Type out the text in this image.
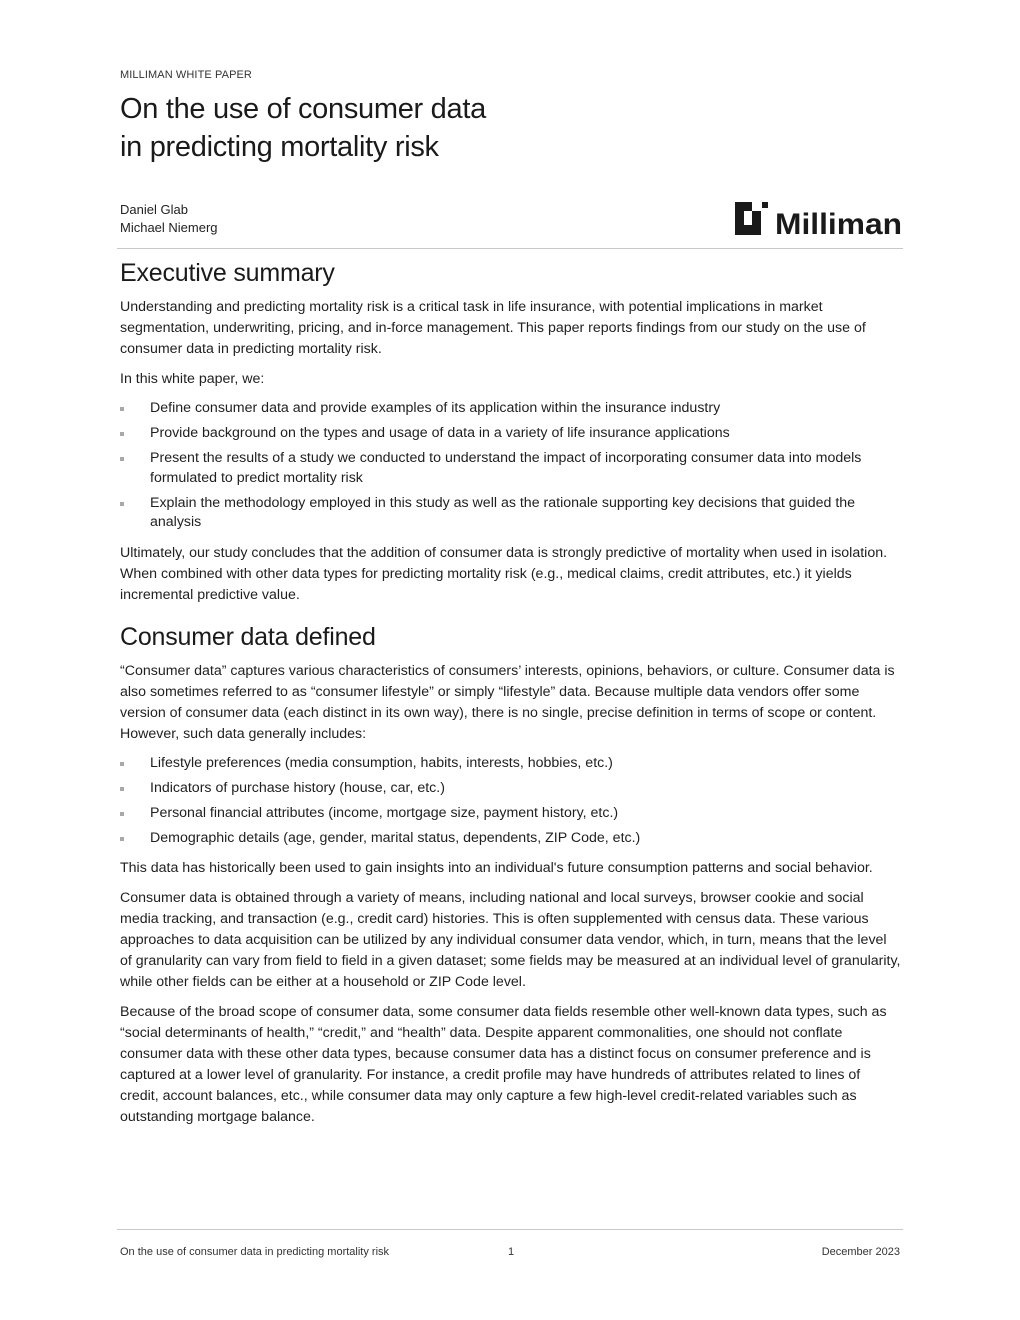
MILLIMAN WHITE PAPER
On the use of consumer data
in predicting mortality risk
Daniel Glab
Michael Niemerg	Milliman
Executive summary

Understanding and predicting mortality risk is a critical task in life insurance, with potential implications in market segmentation, underwriting, pricing, and in-force management. This paper reports findings from our study on the use of consumer data in predicting mortality risk.

In this white paper, we:

Define consumer data and provide examples of its application within the insurance industry
Provide background on the types and usage of data in a variety of life insurance applications
Present the results of a study we conducted to understand the impact of incorporating consumer data into models formulated to predict mortality risk
Explain the methodology employed in this study as well as the rationale supporting key decisions that guided the analysis

Ultimately, our study concludes that the addition of consumer data is strongly predictive of mortality when used in isolation. When combined with other data types for predicting mortality risk (e.g., medical claims, credit attributes, etc.) it yields incremental predictive value.

Consumer data defined

“Consumer data” captures various characteristics of consumers’ interests, opinions, behaviors, or culture. Consumer data is also sometimes referred to as “consumer lifestyle” or simply “lifestyle” data. Because multiple data vendors offer some version of consumer data (each distinct in its own way), there is no single, precise definition in terms of scope or content. However, such data generally includes:

Lifestyle preferences (media consumption, habits, interests, hobbies, etc.)
Indicators of purchase history (house, car, etc.)
Personal financial attributes (income, mortgage size, payment history, etc.)
Demographic details (age, gender, marital status, dependents, ZIP Code, etc.)

This data has historically been used to gain insights into an individual's future consumption patterns and social behavior.

Consumer data is obtained through a variety of means, including national and local surveys, browser cookie and social media tracking, and transaction (e.g., credit card) histories. This is often supplemented with census data. These various approaches to data acquisition can be utilized by any individual consumer data vendor, which, in turn, means that the level of granularity can vary from field to field in a given dataset; some fields may be measured at an individual level of granularity, while other fields can be either at a household or ZIP Code level.

Because of the broad scope of consumer data, some consumer data fields resemble other well-known data types, such as “social determinants of health,” “credit,” and “health” data. Despite apparent commonalities, one should not conflate consumer data with these other data types, because consumer data has a distinct focus on consumer preference and is captured at a lower level of granularity. For instance, a credit profile may have hundreds of attributes related to lines of credit, account balances, etc., while consumer data may only capture a few high-level credit-related variables such as outstanding mortgage balance.

On the use of consumer data in predicting mortality risk	1	December 2023
